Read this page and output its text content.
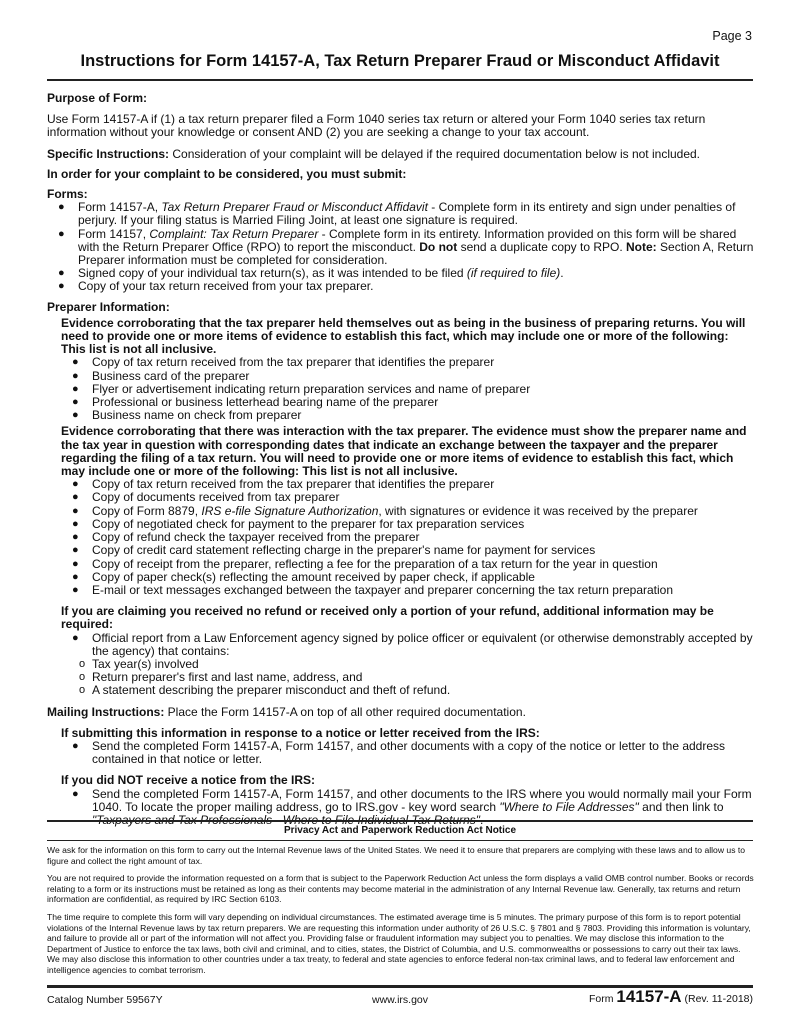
Page 3
Instructions for Form 14157-A, Tax Return Preparer Fraud or Misconduct Affidavit
Purpose of Form:
Use Form 14157-A if (1) a tax return preparer filed a Form 1040 series tax return or altered your Form 1040 series tax return information without your knowledge or consent AND (2) you are seeking a change to your tax account.
Specific Instructions: Consideration of your complaint will be delayed if the required documentation below is not included.
In order for your complaint to be considered, you must submit:
Forms:
● Form 14157-A, Tax Return Preparer Fraud or Misconduct Affidavit - Complete form in its entirety and sign under penalties of perjury. If your filing status is Married Filing Joint, at least one signature is required.
● Form 14157, Complaint: Tax Return Preparer - Complete form in its entirety. Information provided on this form will be shared with the Return Preparer Office (RPO) to report the misconduct. Do not send a duplicate copy to RPO. Note: Section A, Return Preparer information must be completed for consideration.
● Signed copy of your individual tax return(s), as it was intended to be filed (if required to file).
● Copy of your tax return received from your tax preparer.
Preparer Information:
Evidence corroborating that the tax preparer held themselves out as being in the business of preparing returns. You will need to provide one or more items of evidence to establish this fact, which may include one or more of the following: This list is not all inclusive.
● Copy of tax return received from the tax preparer that identifies the preparer
● Business card of the preparer
● Flyer or advertisement indicating return preparation services and name of preparer
● Professional or business letterhead bearing name of the preparer
● Business name on check from preparer
Evidence corroborating that there was interaction with the tax preparer. The evidence must show the preparer name and the tax year in question with corresponding dates that indicate an exchange between the taxpayer and the preparer regarding the filing of a tax return. You will need to provide one or more items of evidence to establish this fact, which may include one or more of the following: This list is not all inclusive.
● Copy of tax return received from the tax preparer that identifies the preparer
● Copy of documents received from tax preparer
● Copy of Form 8879, IRS e-file Signature Authorization, with signatures or evidence it was received by the preparer
● Copy of negotiated check for payment to the preparer for tax preparation services
● Copy of refund check the taxpayer received from the preparer
● Copy of credit card statement reflecting charge in the preparer's name for payment for services
● Copy of receipt from the preparer, reflecting a fee for the preparation of a tax return for the year in question
● Copy of paper check(s) reflecting the amount received by paper check, if applicable
● E-mail or text messages exchanged between the taxpayer and preparer concerning the tax return preparation
If you are claiming you received no refund or received only a portion of your refund, additional information may be required:
● Official report from a Law Enforcement agency signed by police officer or equivalent (or otherwise demonstrably accepted by the agency) that contains:
o Tax year(s) involved
o Return preparer's first and last name, address, and
o A statement describing the preparer misconduct and theft of refund.
Mailing Instructions: Place the Form 14157-A on top of all other required documentation.
If submitting this information in response to a notice or letter received from the IRS:
● Send the completed Form 14157-A, Form 14157, and other documents with a copy of the notice or letter to the address contained in that notice or letter.
If you did NOT receive a notice from the IRS:
● Send the completed Form 14157-A, Form 14157, and other documents to the IRS where you would normally mail your Form 1040. To locate the proper mailing address, go to IRS.gov - key word search "Where to File Addresses" and then link to
Privacy Act and Paperwork Reduction Act Notice

We ask for the information on this form to carry out the Internal Revenue laws of the United States. We need it to ensure that preparers are complying with these laws and to allow us to figure and collect the right amount of tax.

You are not required to provide the information requested on a form that is subject to the Paperwork Reduction Act unless the form displays a valid OMB control number. Books or records relating to a form or its instructions must be retained as long as their contents may become material in the administration of any Internal Revenue law. Generally, tax returns and return information are confidential, as required by IRC Section 6103.

The time require to complete this form will vary depending on individual circumstances. The estimated average time is 5 minutes. The primary purpose of this form is to report potential violations of the Internal Revenue laws by tax return preparers. We are requesting this information under authority of 26 U.S.C. § 7801 and § 7803. Providing this information is voluntary, and failure to provide all or part of the information will not affect you. Providing false or fraudulent information may subject you to penalties. We may disclose this information to the Department of Justice to enforce the tax laws, both civil and criminal, and to cities, states, the District of Columbia, and U.S. commonwealths or possessions to carry out their tax laws. We may also disclose this information to other countries under a tax treaty, to federal and state agencies to enforce federal non-tax criminal laws, and to federal law enforcement and intelligence agencies to combat terrorism.

Catalog Number 59567Y	www.irs.gov	Form 14157-A (Rev. 11-2018)
